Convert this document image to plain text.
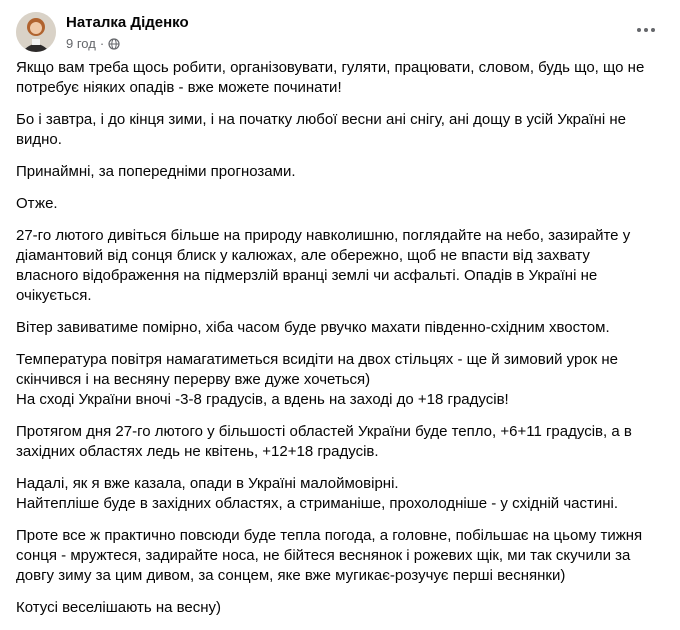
Наталка Діденко
9 год ·

Якщо вам треба щось робити, організовувати, гуляти, працювати, словом, будь що, що не потребує ніяких опадів - вже можете починати!

Бо і завтра, і до кінця зими, і на початку любої весни ані снігу, ані дощу в усій Україні не видно.

Принаймні, за попередніми прогнозами.

Отже.

27-го лютого дивіться більше на природу навколишню, поглядайте на небо, зазирайте у діамантовий від сонця блиск у калюжах, але обережно, щоб не впасти від захвату власного відображення на підмерзлій вранці землі чи асфальті. Опадів в Україні не очікується.

Вітер завиватиме помірно, хіба часом буде рвучко махати південно-східним хвостом.

Температура повітря намагатиметься всидіти на двох стільцях - ще й зимовий урок не скінчився і на весняну перерву вже дуже хочеться)
На сході України вночі -3-8 градусів, а вдень на заході до +18 градусів!

Протягом дня 27-го лютого у більшості областей України буде тепло, +6+11 градусів, а в західних областях ледь не квітень, +12+18 градусів.

Надалі, як я вже казала, опади в Україні малоймовірні.
Найтепліше буде в західних областях, а стриманіше, прохолодніше - у східній частині.

Проте все ж практично повсюди буде тепла погода, а головне, побільшає на цьому тижня сонця - мружтеся, задирайте носа, не бійтеся веснянок і рожевих щік, ми так скучили за довгу зиму за цим дивом, за сонцем, яке вже мугикає-розучує перші веснянки)

Котусі веселішають на весну)
